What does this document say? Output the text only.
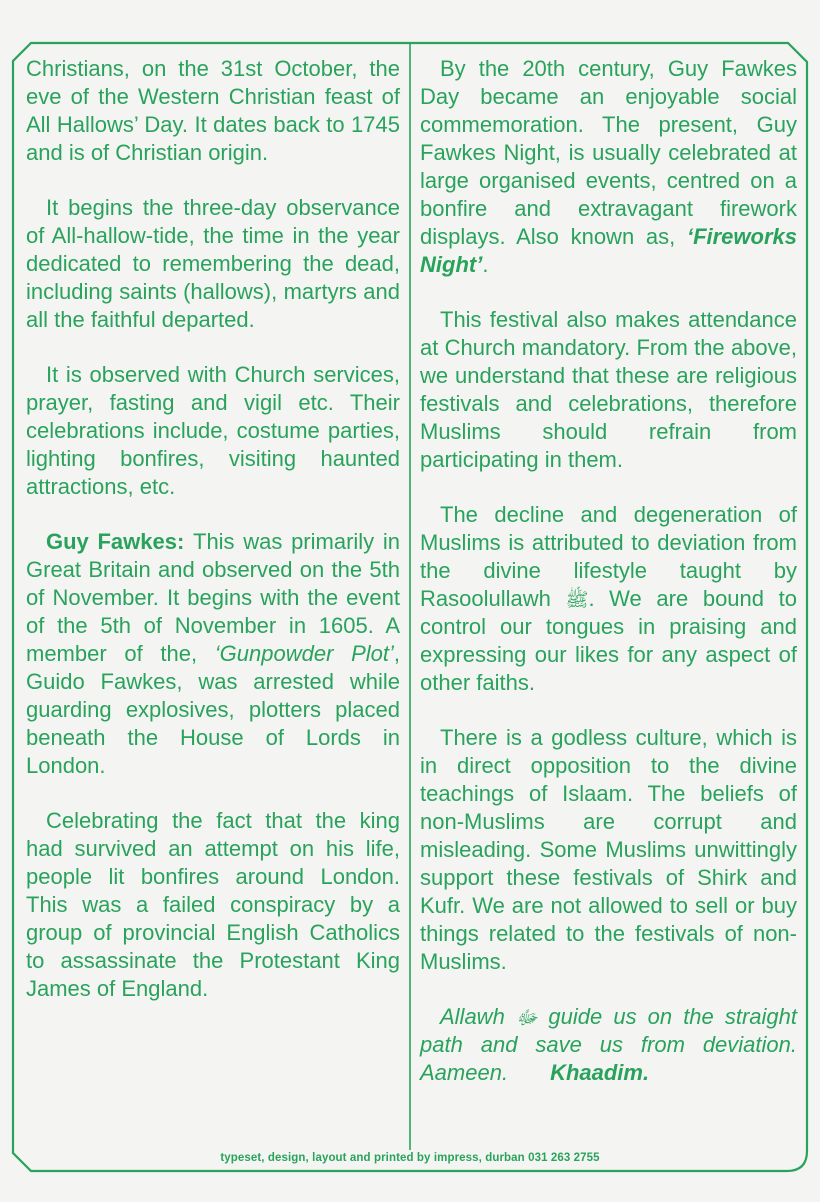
Christians, on the 31st October, the eve of the Western Christian feast of All Hallows’ Day. It dates back to 1745 and is of Christian origin.

It begins the three-day observance of All-hallow-tide, the time in the year dedicated to remembering the dead, including saints (hallows), martyrs and all the faithful departed.

It is observed with Church services, prayer, fasting and vigil etc. Their celebrations include, costume parties, lighting bonfires, visiting haunted attractions, etc.

Guy Fawkes: This was primarily in Great Britain and observed on the 5th of November. It begins with the event of the 5th of November in 1605. A member of the, ‘Gunpowder Plot’, Guido Fawkes, was arrested while guarding explosives, plotters placed beneath the House of Lords in London.

Celebrating the fact that the king had survived an attempt on his life, people lit bonfires around London. This was a failed conspiracy by a group of provincial English Catholics to assassinate the Protestant King James of England.

By the 20th century, Guy Fawkes Day became an enjoyable social commemoration. The present, Guy Fawkes Night, is usually celebrated at large organised events, centred on a bonfire and extravagant firework displays. Also known as, ‘Fireworks Night’.

This festival also makes attendance at Church mandatory. From the above, we understand that these are religious festivals and celebrations, therefore Muslims should refrain from participating in them.

The decline and degeneration of Muslims is attributed to deviation from the divine lifestyle taught by Rasoolullawh ﷺ. We are bound to control our tongues in praising and expressing our likes for any aspect of other faiths.

There is a godless culture, which is in direct opposition to the divine teachings of Islaam. The beliefs of non-Muslims are corrupt and misleading. Some Muslims unwittingly support these festivals of Shirk and Kufr. We are not allowed to sell or buy things related to the festivals of non-Muslims.

Allawh ﷻ guide us on the straight path and save us from deviation. Aameen. Khaadim.

typeset, design, layout and printed by impress, durban 031 263 2755
